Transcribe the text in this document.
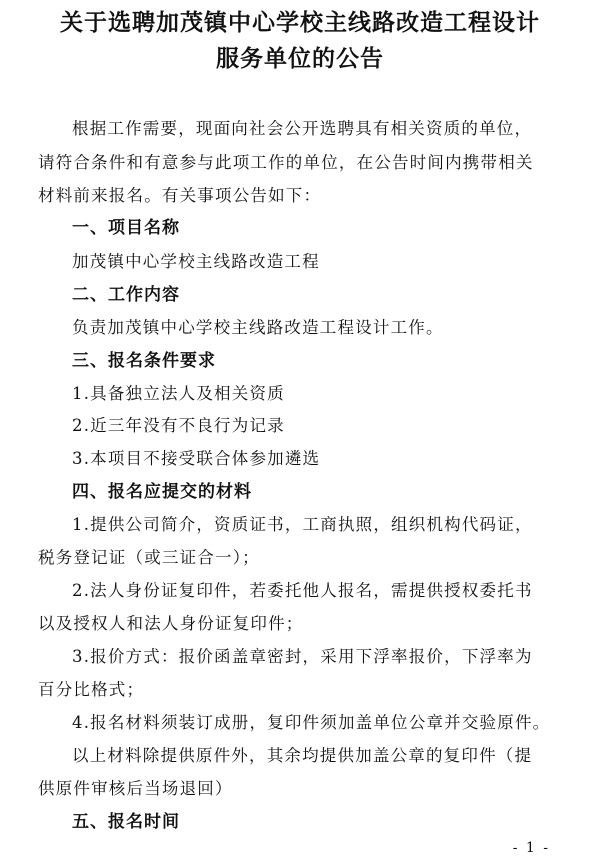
关于选聘加茂镇中心学校主线路改造工程设计
服务单位的公告

根据工作需要，现面向社会公开选聘具有相关资质的单位，

请符合条件和有意参与此项工作的单位，在公告时间内携带相关

材料前来报名。有关事项公告如下：

一、项目名称

加茂镇中心学校主线路改造工程

二、工作内容

负责加茂镇中心学校主线路改造工程设计工作。

三、报名条件要求

1.具备独立法人及相关资质

2.近三年没有不良行为记录

3.本项目不接受联合体参加遴选

四、报名应提交的材料

1.提供公司简介，资质证书，工商执照，组织机构代码证，

税务登记证（或三证合一）；

2.法人身份证复印件，若委托他人报名，需提供授权委托书

以及授权人和法人身份证复印件；

3.报价方式：报价函盖章密封，采用下浮率报价，下浮率为

百分比格式；

4.报名材料须装订成册，复印件须加盖单位公章并交验原件。

以上材料除提供原件外，其余均提供加盖公章的复印件（提

供原件审核后当场退回）

五、报名时间

- 1 -
